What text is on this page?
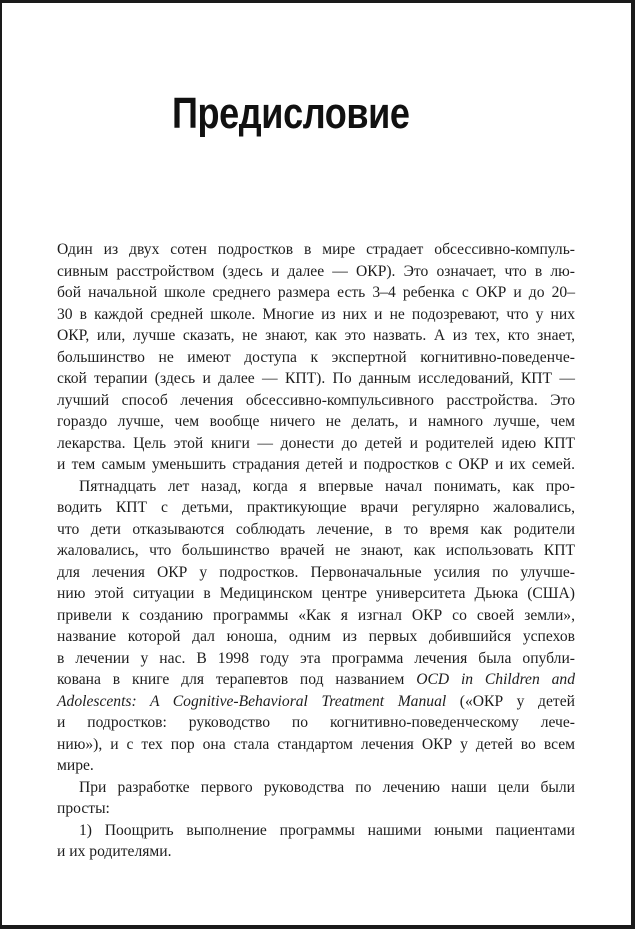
Предисловие
Один из двух сотен подростков в мире страдает обсессивно-компуль-
сивным расстройством (здесь и далее — ОКР). Это означает, что в лю-
бой начальной школе среднего размера есть 3–4 ребенка с ОКР и до 20–
30 в каждой средней школе. Многие из них и не подозревают, что у них
ОКР, или, лучше сказать, не знают, как это назвать. А из тех, кто знает,
большинство не имеют доступа к экспертной когнитивно-поведенче-
ской терапии (здесь и далее — КПТ). По данным исследований, КПТ —
лучший способ лечения обсессивно-компульсивного расстройства. Это
гораздо лучше, чем вообще ничего не делать, и намного лучше, чем
лекарства. Цель этой книги — донести до детей и родителей идею КПТ
и тем самым уменьшить страдания детей и подростков с ОКР и их семей.
Пятнадцать лет назад, когда я впервые начал понимать, как про-
водить КПТ с детьми, практикующие врачи регулярно жаловались,
что дети отказываются соблюдать лечение, в то время как родители
жаловались, что большинство врачей не знают, как использовать КПТ
для лечения ОКР у подростков. Первоначальные усилия по улучше-
нию этой ситуации в Медицинском центре университета Дьюка (США)
привели к созданию программы «Как я изгнал ОКР со своей земли»,
название которой дал юноша, одним из первых добившийся успехов
в лечении у нас. В 1998 году эта программа лечения была опубли-
кована в книге для терапевтов под названием OCD in Children and
Adolescents: A Cognitive-Behavioral Treatment Manual («ОКР у детей
и подростков: руководство по когнитивно-поведенческому лече-
нию»), и с тех пор она стала стандартом лечения ОКР у детей во всем
мире.
При разработке первого руководства по лечению наши цели были
просты:
1) Поощрить выполнение программы нашими юными пациентами
и их родителями.
